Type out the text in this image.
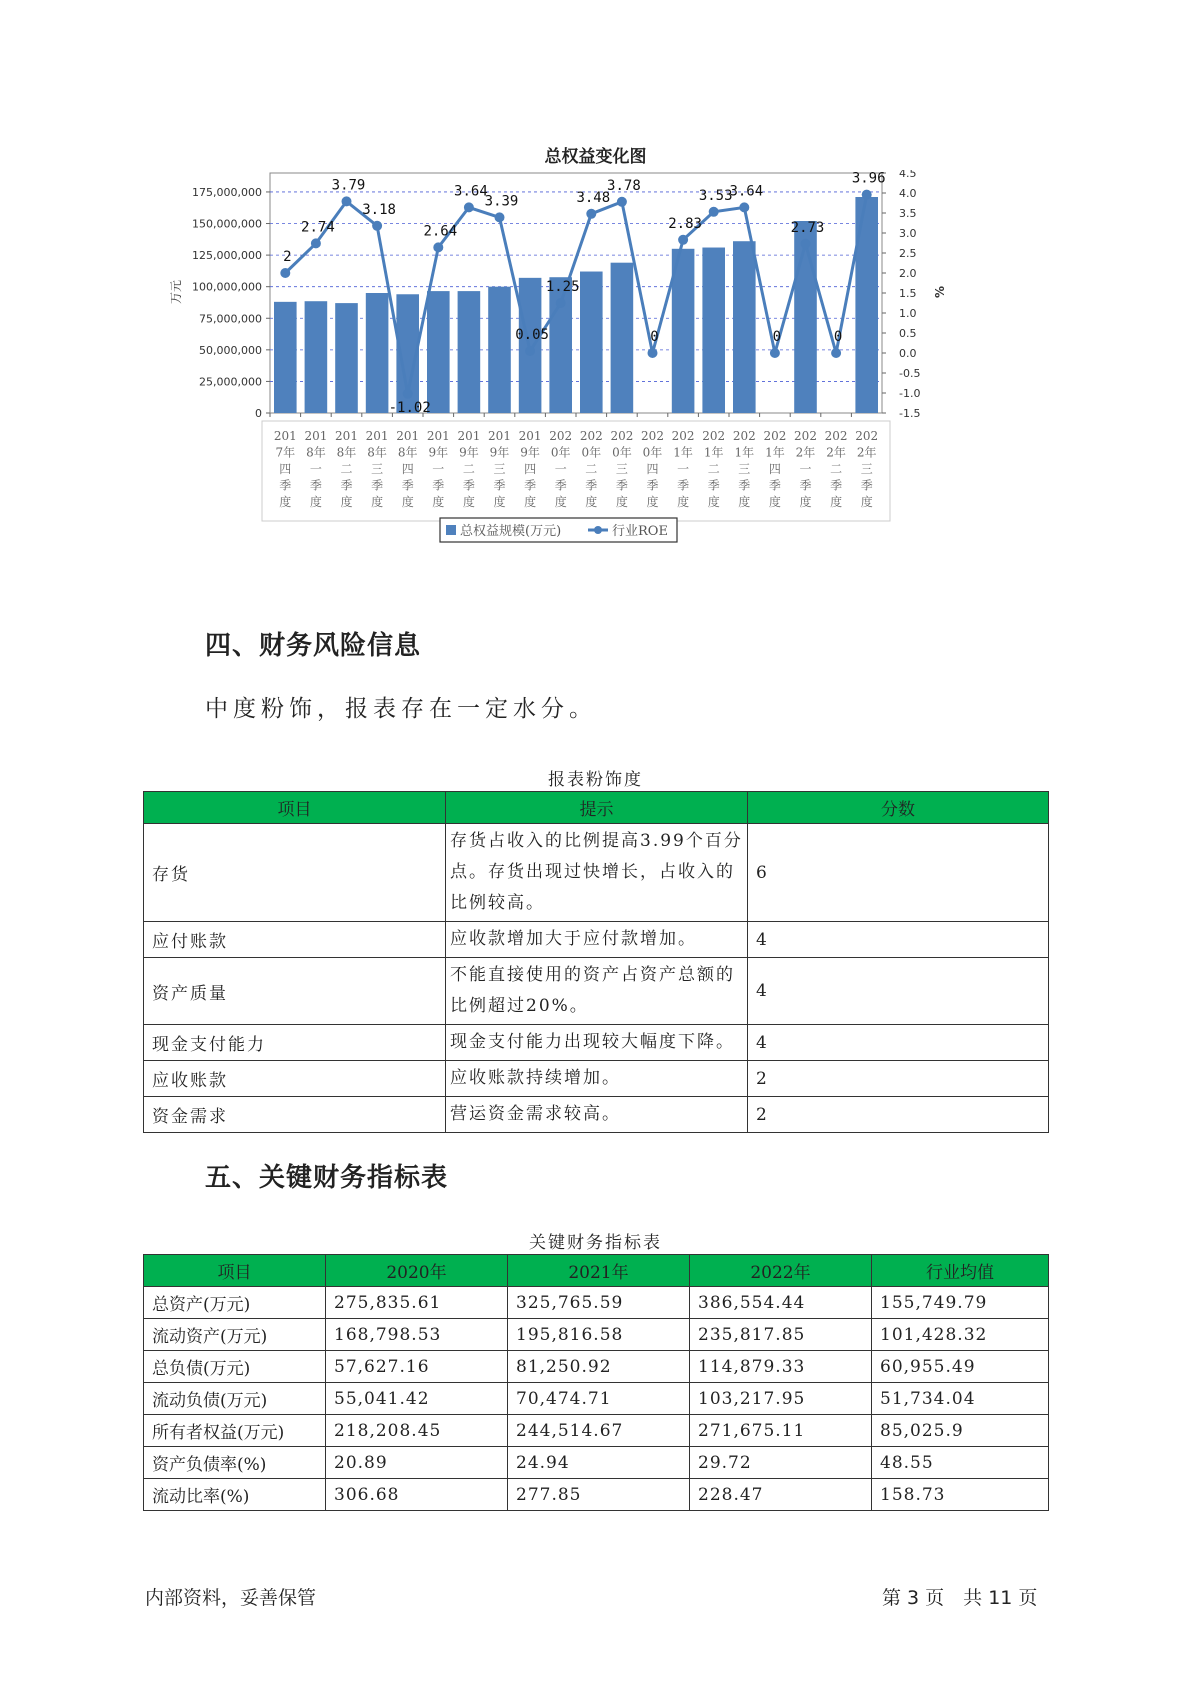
总权益变化图
0
25,000,000
50,000,000
75,000,000
100,000,000
125,000,000
150,000,000
175,000,000
万元
-1.5
-1.0
-0.5
0.0
0.5
1.0
1.5
2.0
2.5
3.0
3.5
4.0
4.5
%
2
2.74
3.79
3.18
-1.02
2.64
3.64
3.39
0.05
1.25
3.48
3.78
0
2.83
3.53
3.64
0
2.73
0
3.96
201
7年
四
季
度
201
8年
一
季
度
201
8年
二
季
度
201
8年
三
季
度
201
8年
四
季
度
201
9年
一
季
度
201
9年
二
季
度
201
9年
三
季
度
201
9年
四
季
度
202
0年
一
季
度
202
0年
二
季
度
202
0年
三
季
度
202
0年
四
季
度
202
1年
一
季
度
202
1年
二
季
度
202
1年
三
季
度
202
1年
四
季
度
202
2年
一
季
度
202
2年
二
季
度
202
2年
三
季
度
总权益规模(万元)	行业ROE
四、财务风险信息
中度粉饰，报表存在一定水分。
报表粉饰度
项目	提示	分数
存货	存货占收入的比例提高3.99个百分点。存货出现过快增长，占收入的比例较高。	6
应付账款	应收款增加大于应付款增加。	4
资产质量	不能直接使用的资产占资产总额的比例超过20%。	4
现金支付能力	现金支付能力出现较大幅度下降。	4
应收账款	应收账款持续增加。	2
资金需求	营运资金需求较高。	2
五、关键财务指标表
关键财务指标表
项目	2020年	2021年	2022年	行业均值
总资产(万元)	275,835.61	325,765.59	386,554.44	155,749.79
流动资产(万元)	168,798.53	195,816.58	235,817.85	101,428.32
总负债(万元)	57,627.16	81,250.92	114,879.33	60,955.49
流动负债(万元)	55,041.42	70,474.71	103,217.95	51,734.04
所有者权益(万元)	218,208.45	244,514.67	271,675.11	85,025.9
资产负债率(%)	20.89	24.94	29.72	48.55
流动比率(%)	306.68	277.85	228.47	158.73
内部资料，妥善保管	第 3 页　共 11 页
